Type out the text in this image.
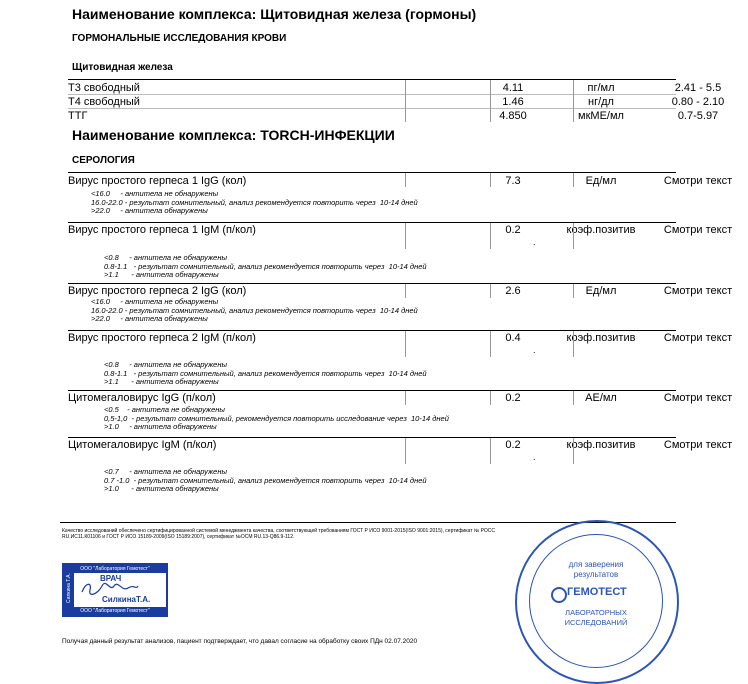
Наименование комплекса: Щитовидная железа (гормоны)
ГОРМОНАЛЬНЫЕ ИССЛЕДОВАНИЯ КРОВИ
Щитовидная железа
Т3 свободный	4.11	пг/мл	2.41 - 5.5
Т4 свободный	1.46	нг/дл	0.80 - 2.10
ТТГ	4.850	мкМЕ/мл	0.7-5.97
Наименование комплекса: TORCH-ИНФЕКЦИИ
СЕРОЛОГИЯ
Вирус простого герпеса 1 IgG (кол)	7.3	Ед/мл	Смотри текст
<16.0     - антитела не обнаружены
16.0-22.0 - результат сомнительный, анализ рекомендуется повторить через  10-14 дней
>22.0     - антитела обнаружены
Вирус простого герпеса 1 IgM (п/кол)	0.2	коэф.позитив	Смотри текст
.
<0.8     - антитела не обнаружены
0.8-1.1   - результат сомнительный, анализ рекомендуется повторить через  10-14 дней
>1.1      - антитела обнаружены
Вирус простого герпеса 2 IgG (кол)	2.6	Ед/мл	Смотри текст
<16.0     - антитела не обнаружены
16.0-22.0 - результат сомнительный, анализ рекомендуется повторить через  10-14 дней
>22.0     - антитела обнаружены
Вирус простого герпеса 2 IgM (п/кол)	0.4	коэф.позитив	Смотри текст
.
<0.8     - антитела не обнаружены
0.8-1.1   - результат сомнительный, анализ рекомендуется повторить через  10-14 дней
>1.1      - антитела обнаружены
Цитомегаловирус IgG (п/кол)	0.2	АЕ/мл	Смотри текст
<0.5    - антитела не обнаружены
0,5-1,0  - результат сомнительный, рекомендуется повторить исследование через  10-14 дней
>1.0     - антитела обнаружены
Цитомегаловирус IgM (п/кол)	0.2	коэф.позитив	Смотри текст
.
<0.7     - антитела не обнаружены
0.7 -1.0  - результат сомнительный, анализ рекомендуется повторить через  10-14 дней
>1.0      - антитела обнаружены
Качество исследований обеспечено сертифицированной системой менеджмента качества, соответствующей требованиям ГОСТ Р ИСО 9001-2015(ISO 9001:2015), сертификат № РОСС RU.ИС11.К01106 и ГОСТ Р ИСО 15189-2009(ISO 15189:2007), сертификат №ОСМ RU.13-Q86.9-112.
ООО "Лаборатория Гемотест"
ООО "Лаборатория Гемотест"
Силкина Т.А.	ВРАЧ
СилкинаТ.А.
Получая данный результат анализов, пациент подтверждает, что давал согласие на обработку своих ПДн 02.07.2020
для заверения
результатов
ГЕМОТЕСТ
ЛАБОРАТОРНЫХ
ИССЛЕДОВАНИЙ
